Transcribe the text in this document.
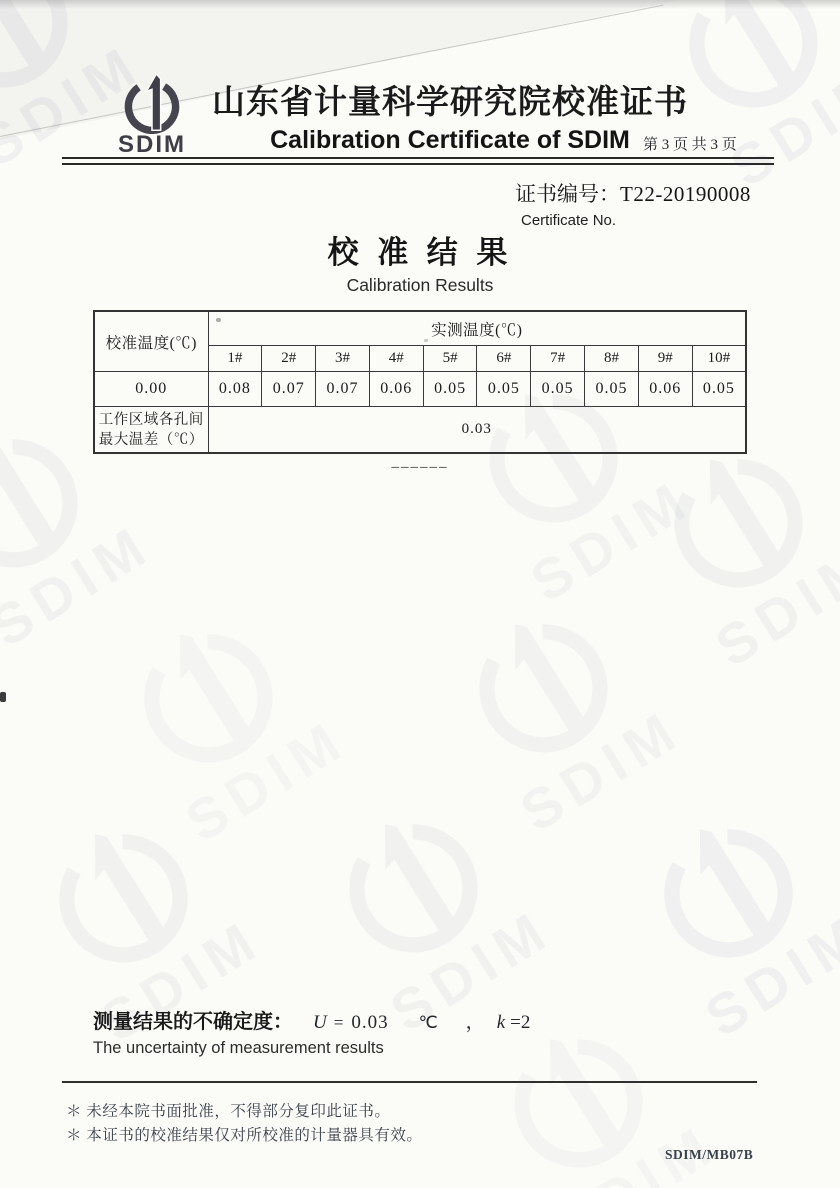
SDIM
山东省计量科学研究院校准证书
Calibration Certificate of SDIM 第 3 页 共 3 页
证书编号：T22-20190008
Certificate No.
校 准 结 果
Calibration Results
校准温度(℃)	实测温度(℃)									
	1#	2#	3#	4#	5#	6#	7#	8#	9#	10#
0.00	0.08	0.07	0.07	0.06	0.05	0.05	0.05	0.05	0.06	0.05

工作区域各孔间
最大温差（℃）	0.03									
––––––
测量结果的不确定度： U = 0.03 ℃ ， k =2
The uncertainty of measurement results
＊ 未经本院书面批准，不得部分复印此证书。
＊ 本证书的校准结果仅对所校准的计量器具有效。
SDIM/MB07B
